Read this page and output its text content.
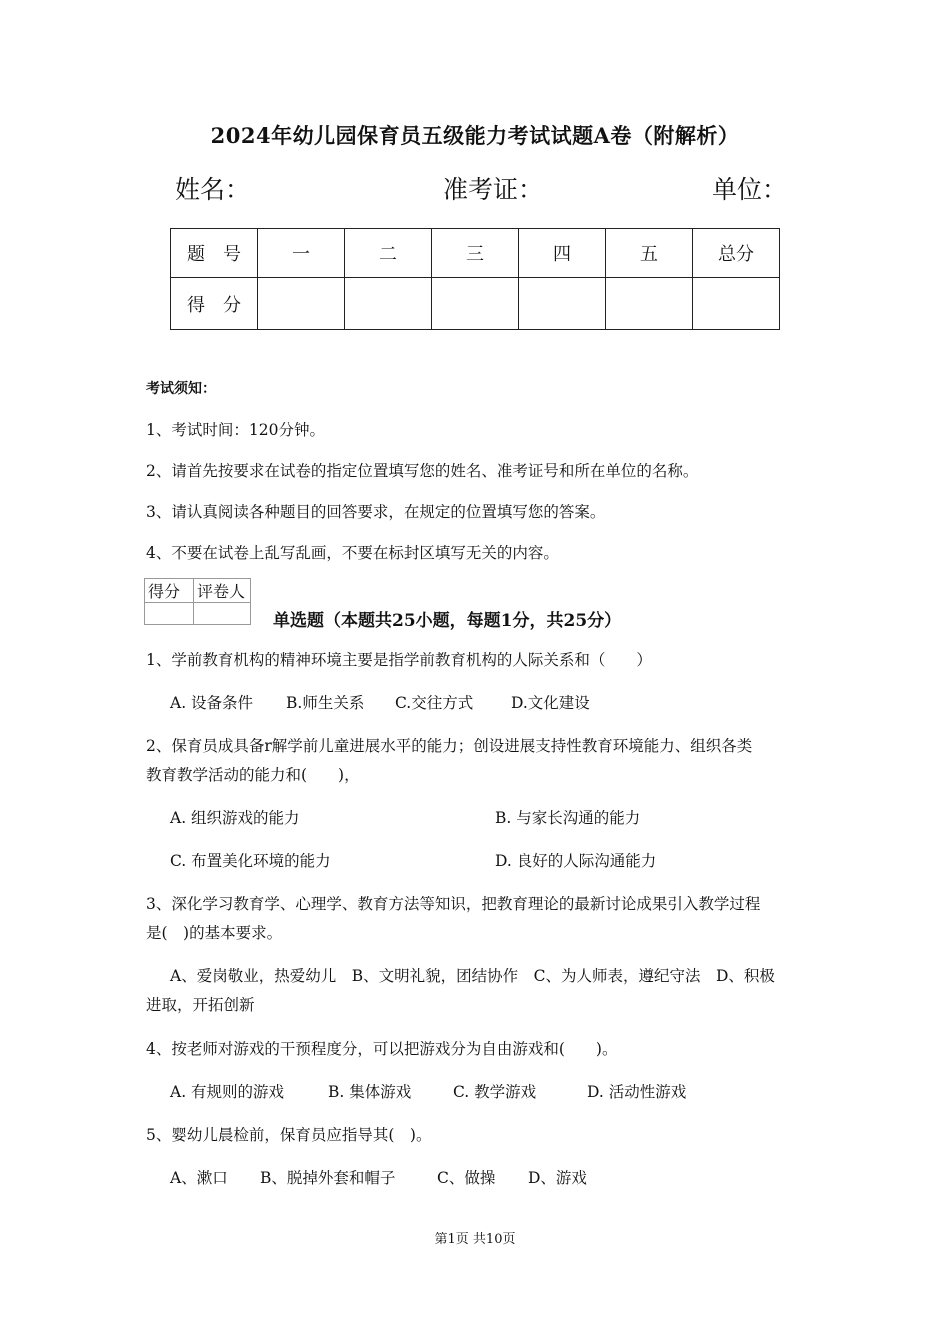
2024年幼儿园保育员五级能力考试试题A卷（附解析）
姓名：	准考证：	单位：
题　号	一	二	三	四	五	总分
得　分						
考试须知：
1、考试时间：120分钟。
2、请首先按要求在试卷的指定位置填写您的姓名、准考证号和所在单位的名称。
3、请认真阅读各种题目的回答要求，在规定的位置填写您的答案。
4、不要在试卷上乱写乱画，不要在标封区填写无关的内容。
得分	评卷人

单选题（本题共25小题，每题1分，共25分）
1、学前教育机构的精神环境主要是指学前教育机构的人际关系和（　　）
A. 设备条件 B.师生关系 C.交往方式 D.文化建设
2、保育员成具备r解学前儿童进展水平的能力；创设进展支持性教育环境能力、组织各类
教育教学活动的能力和(　　)，
A. 组织游戏的能力	B. 与家长沟通的能力
C. 布置美化环境的能力	D. 良好的人际沟通能力
3、深化学习教育学、心理学、教育方法等知识，把教育理论的最新讨论成果引入教学过程
是(　)的基本要求。
A、爱岗敬业，热爱幼儿　B、文明礼貌，团结协作　C、为人师表，遵纪守法　D、积极
进取，开拓创新
4、按老师对游戏的干预程度分，可以把游戏分为自由游戏和(　　)。
A. 有规则的游戏	B. 集体游戏	C. 教学游戏	D. 活动性游戏
5、婴幼儿晨检前，保育员应指导其(　)。
A、漱口 B、脱掉外套和帽子	C、做操 D、游戏
第1页 共10页
